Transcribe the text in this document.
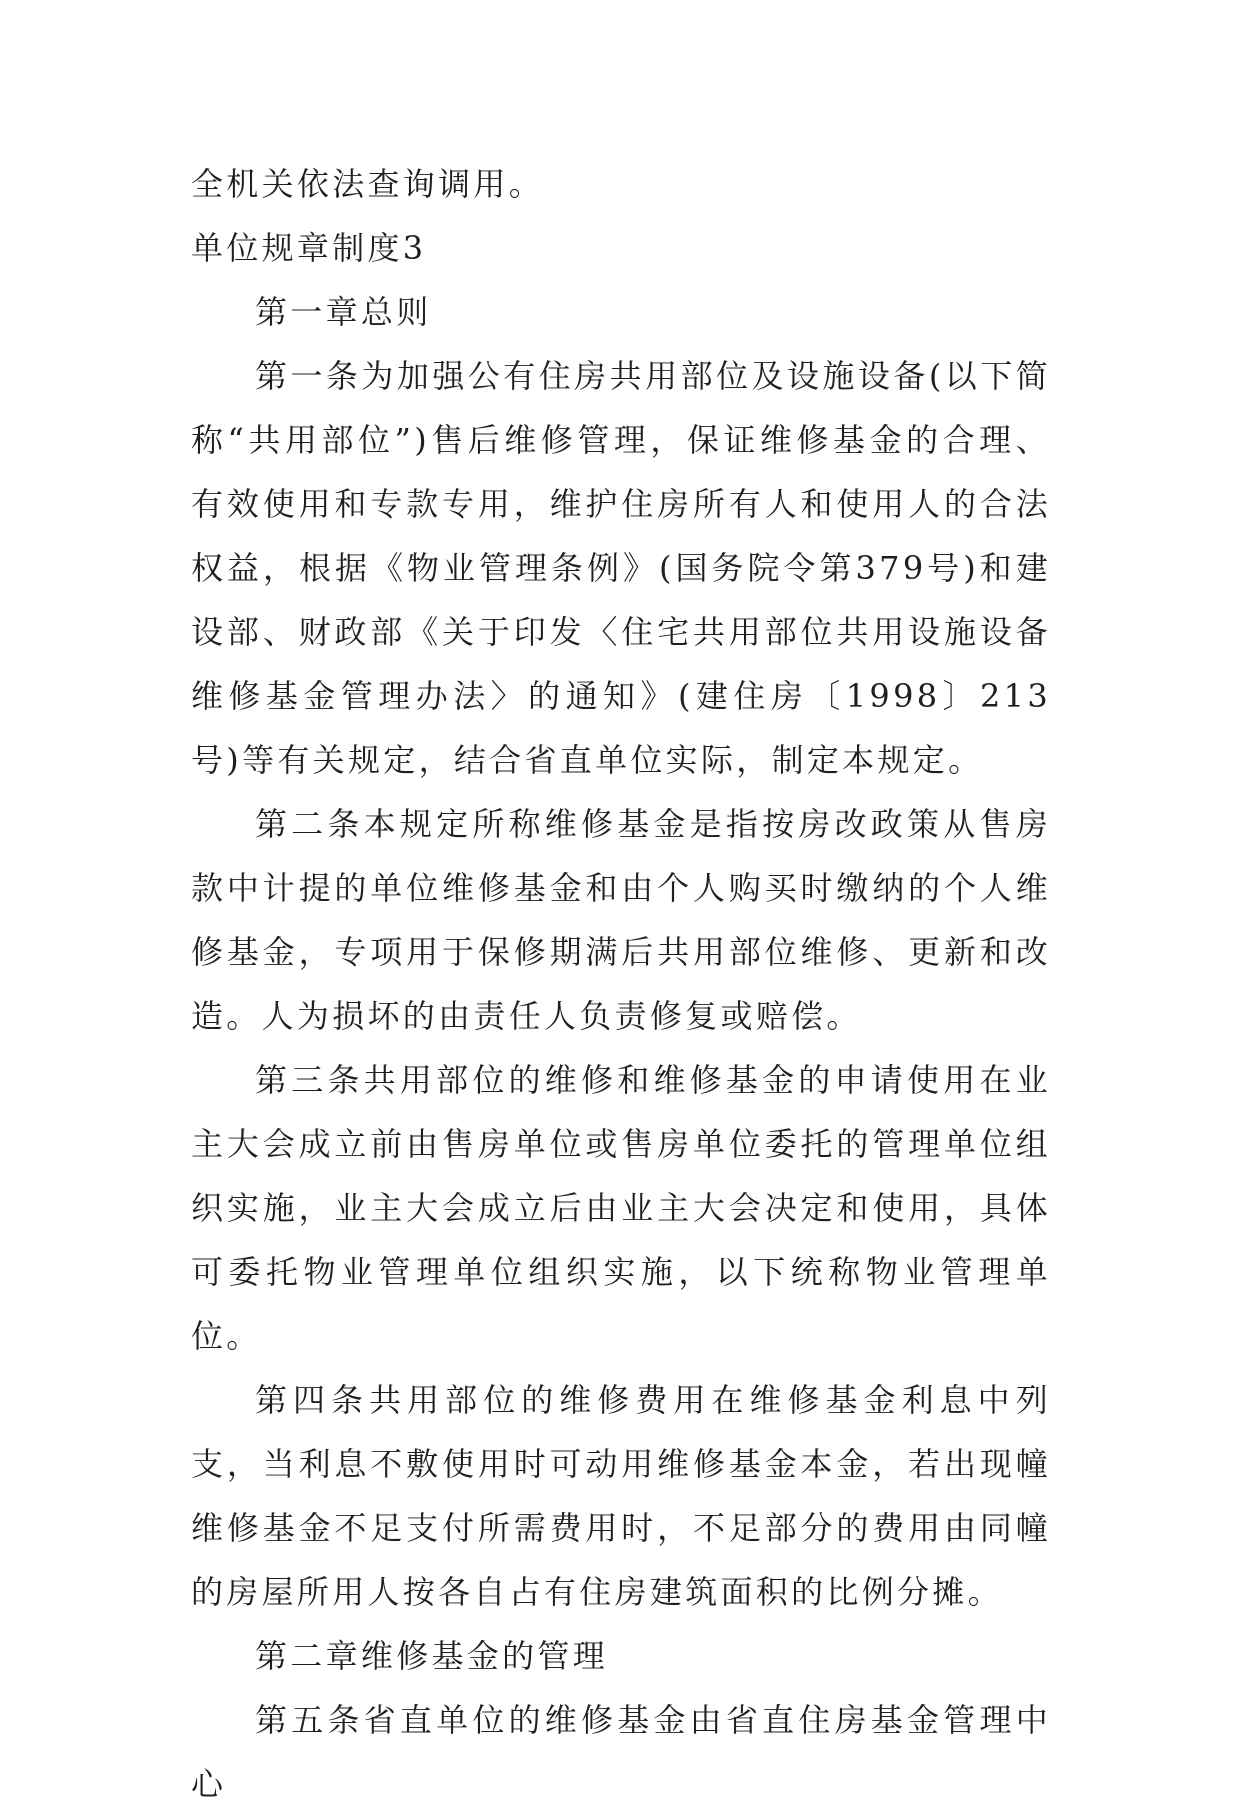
全机关依法查询调用。

单位规章制度3

第一章总则

第一条为加强公有住房共用部位及设施设备(以下简称“共用部位”)售后维修管理，保证维修基金的合理、有效使用和专款专用，维护住房所有人和使用人的合法权益，根据《物业管理条例》(国务院令第379号)和建设部、财政部《关于印发〈住宅共用部位共用设施设备维修基金管理办法〉的通知》(建住房〔1998〕213号)等有关规定，结合省直单位实际，制定本规定。

第二条本规定所称维修基金是指按房改政策从售房款中计提的单位维修基金和由个人购买时缴纳的个人维修基金，专项用于保修期满后共用部位维修、更新和改造。人为损坏的由责任人负责修复或赔偿。

第三条共用部位的维修和维修基金的申请使用在业主大会成立前由售房单位或售房单位委托的管理单位组织实施，业主大会成立后由业主大会决定和使用，具体可委托物业管理单位组织实施，以下统称物业管理单位。

第四条共用部位的维修费用在维修基金利息中列支，当利息不敷使用时可动用维修基金本金，若出现幢维修基金不足支付所需费用时，不足部分的费用由同幢的房屋所用人按各自占有住房建筑面积的比例分摊。

第二章维修基金的管理

第五条省直单位的维修基金由省直住房基金管理中心
